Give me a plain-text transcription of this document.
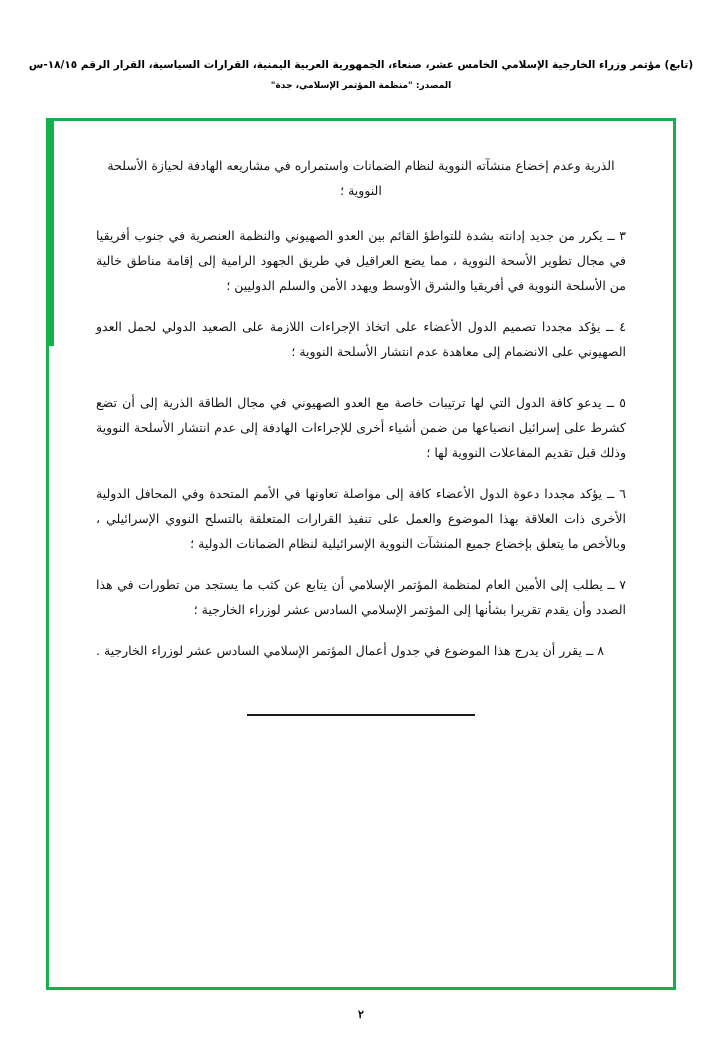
(تابع) مؤتمر وزراء الخارجية الإسلامي الخامس عشر، صنعاء، الجمهورية العربية اليمنية، القرارات السياسية، القرار الرقم ١٨/١٥-س
المصدر: "منظمة المؤتمر الإسلامي، جدة"

الذرية وعدم إخضاع منشآته النووية لنظام الضمانات واستمراره في مشاريعه الهادفة لحيازة الأسلحة النووية ؛

٣ ــ يكرر من جديد إدانته بشدة للتواطؤ القائم بين العدو الصهيوني والنظمة العنصرية في جنوب أفريقيا في مجال تطوير الأسحة النووية ، مما يضع العراقيل في طريق الجهود الرامية إلى إقامة مناطق خالية من الأسلحة النووية في أفريقيا والشرق الأوسط ويهدد الأمن والسلم الدوليين ؛

٤ ــ يؤكد مجددا تصميم الدول الأعضاء على اتخاذ الإجراءات اللازمة على الصعيد الدولي لحمل العدو الصهيوني على الانضمام إلى معاهدة عدم انتشار الأسلحة النووية ؛

٥ ــ يدعو كافة الدول التي لها ترتيبات خاصة مع العدو الصهيوني في مجال الطاقة الذرية إلى أن تضع كشرط على إسرائيل انصياعها من ضمن أشياء أخرى للإجراءات الهادفة إلى عدم انتشار الأسلحة النووية وذلك قبل تقديم المفاعلات النووية لها ؛

٦ ــ يؤكد مجددا دعوة الدول الأعضاء كافة إلى مواصلة تعاونها في الأمم المتحدة وفي المحافل الدولية الأخرى ذات العلاقة بهذا الموضوع والعمل على تنفيذ القرارات المتعلقة بالتسلح النووي الإسرائيلي ، وبالأخص ما يتعلق بإخضاع جميع المنشآت النووية الإسرائيلية لنظام الضمانات الدولية ؛

٧ ــ يطلب إلى الأمين العام لمنظمة المؤتمر الإسلامي أن يتابع عن كثب ما يستجد من تطورات في هذا الصدد وأن يقدم تقريرا بشأنها إلى المؤتمر الإسلامي السادس عشر لوزراء الخارجية ؛

٨ ــ يقرر أن يدرج هذا الموضوع في جدول أعمال المؤتمر الإسلامي السادس عشر لوزراء الخارجية .

٢
